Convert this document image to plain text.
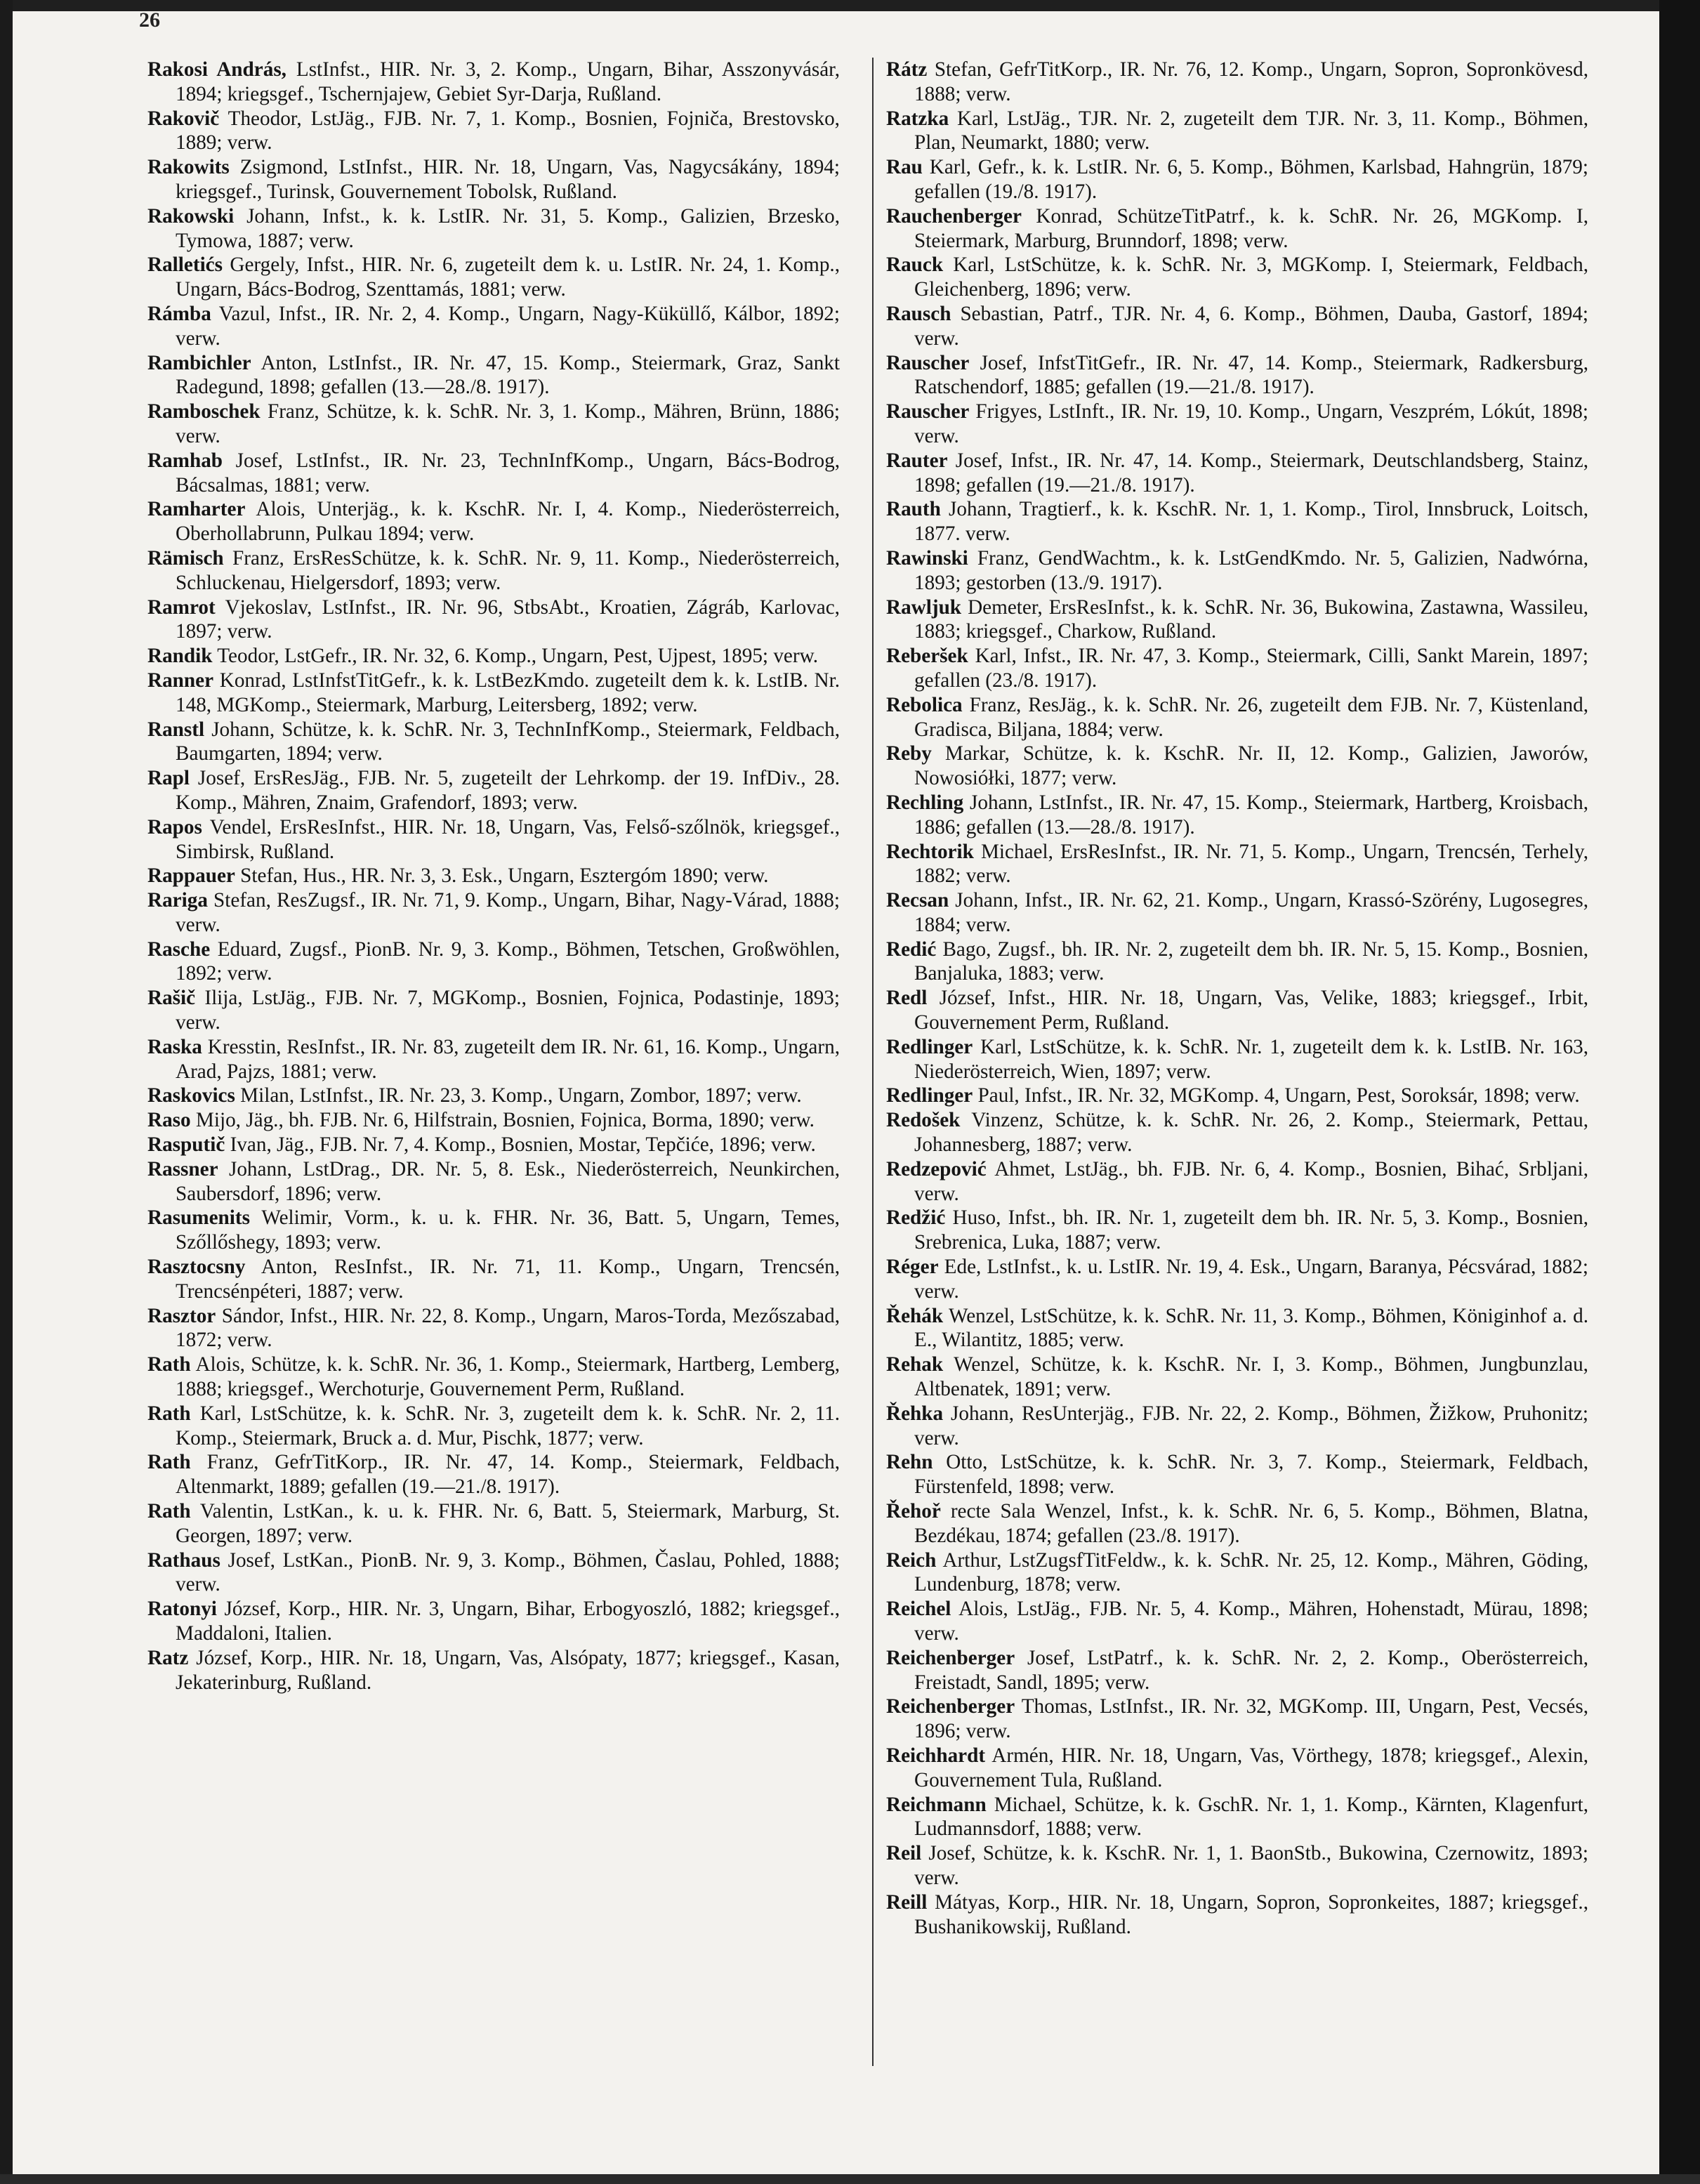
26

Rakosi András, LstInfst., HIR. Nr. 3, 2. Komp., Ungarn, Bihar, Asszonyvásár, 1894; kriegsgef., Tschernjajew, Gebiet Syr-Darja, Rußland.

Rakovič Theodor, LstJäg., FJB. Nr. 7, 1. Komp., Bosnien, Fojniča, Brestovsko, 1889; verw.

Rakowits Zsigmond, LstInfst., HIR. Nr. 18, Ungarn, Vas, Nagycsákány, 1894; kriegsgef., Turinsk, Gouvernement Tobolsk, Rußland.

Rakowski Johann, Infst., k. k. LstIR. Nr. 31, 5. Komp., Galizien, Brzesko, Tymowa, 1887; verw.

Ralletićs Gergely, Infst., HIR. Nr. 6, zugeteilt dem k. u. LstIR. Nr. 24, 1. Komp., Ungarn, Bács-Bodrog, Szenttamás, 1881; verw.

Rámba Vazul, Infst., IR. Nr. 2, 4. Komp., Ungarn, Nagy-Küküllő, Kálbor, 1892; verw.

Rambichler Anton, LstInfst., IR. Nr. 47, 15. Komp., Steiermark, Graz, Sankt Radegund, 1898; gefallen (13.—28./8. 1917).

Ramboschek Franz, Schütze, k. k. SchR. Nr. 3, 1. Komp., Mähren, Brünn, 1886; verw.

Ramhab Josef, LstInfst., IR. Nr. 23, TechnInfKomp., Ungarn, Bács-Bodrog, Bácsalmas, 1881; verw.

Ramharter Alois, Unterjäg., k. k. KschR. Nr. I, 4. Komp., Niederösterreich, Oberhollabrunn, Pulkau 1894; verw.

Rämisch Franz, ErsResSchütze, k. k. SchR. Nr. 9, 11. Komp., Niederösterreich, Schluckenau, Hielgersdorf, 1893; verw.

Ramrot Vjekoslav, LstInfst., IR. Nr. 96, StbsAbt., Kroatien, Zágráb, Karlovac, 1897; verw.

Randik Teodor, LstGefr., IR. Nr. 32, 6. Komp., Ungarn, Pest, Ujpest, 1895; verw.

Ranner Konrad, LstInfstTitGefr., k. k. LstBezKmdo. zugeteilt dem k. k. LstIB. Nr. 148, MGKomp., Steiermark, Marburg, Leitersberg, 1892; verw.

Ranstl Johann, Schütze, k. k. SchR. Nr. 3, TechnInfKomp., Steiermark, Feldbach, Baumgarten, 1894; verw.

Rapl Josef, ErsResJäg., FJB. Nr. 5, zugeteilt der Lehrkomp. der 19. InfDiv., 28. Komp., Mähren, Znaim, Grafendorf, 1893; verw.

Rapos Vendel, ErsResInfst., HIR. Nr. 18, Ungarn, Vas, Felső-szőlnök, kriegsgef., Simbirsk, Rußland.

Rappauer Stefan, Hus., HR. Nr. 3, 3. Esk., Ungarn, Esztergóm 1890; verw.

Rariga Stefan, ResZugsf., IR. Nr. 71, 9. Komp., Ungarn, Bihar, Nagy-Várad, 1888; verw.

Rasche Eduard, Zugsf., PionB. Nr. 9, 3. Komp., Böhmen, Tetschen, Großwöhlen, 1892; verw.

Rašič Ilija, LstJäg., FJB. Nr. 7, MGKomp., Bosnien, Fojnica, Podastinje, 1893; verw.

Raska Kresstin, ResInfst., IR. Nr. 83, zugeteilt dem IR. Nr. 61, 16. Komp., Ungarn, Arad, Pajzs, 1881; verw.

Raskovics Milan, LstInfst., IR. Nr. 23, 3. Komp., Ungarn, Zombor, 1897; verw.

Raso Mijo, Jäg., bh. FJB. Nr. 6, Hilfstrain, Bosnien, Fojnica, Borma, 1890; verw.

Rasputič Ivan, Jäg., FJB. Nr. 7, 4. Komp., Bosnien, Mostar, Tepčiće, 1896; verw.

Rassner Johann, LstDrag., DR. Nr. 5, 8. Esk., Niederösterreich, Neunkirchen, Saubersdorf, 1896; verw.

Rasumenits Welimir, Vorm., k. u. k. FHR. Nr. 36, Batt. 5, Ungarn, Temes, Szőllőshegy, 1893; verw.

Rasztocsny Anton, ResInfst., IR. Nr. 71, 11. Komp., Ungarn, Trencsén, Trencsénpéteri, 1887; verw.

Rasztor Sándor, Infst., HIR. Nr. 22, 8. Komp., Ungarn, Maros-Torda, Mezőszabad, 1872; verw.

Rath Alois, Schütze, k. k. SchR. Nr. 36, 1. Komp., Steiermark, Hartberg, Lemberg, 1888; kriegsgef., Werchoturje, Gouvernement Perm, Rußland.

Rath Karl, LstSchütze, k. k. SchR. Nr. 3, zugeteilt dem k. k. SchR. Nr. 2, 11. Komp., Steiermark, Bruck a. d. Mur, Pischk, 1877; verw.

Rath Franz, GefrTitKorp., IR. Nr. 47, 14. Komp., Steiermark, Feldbach, Altenmarkt, 1889; gefallen (19.—21./8. 1917).

Rath Valentin, LstKan., k. u. k. FHR. Nr. 6, Batt. 5, Steiermark, Marburg, St. Georgen, 1897; verw.

Rathaus Josef, LstKan., PionB. Nr. 9, 3. Komp., Böhmen, Časlau, Pohled, 1888; verw.

Ratonyi József, Korp., HIR. Nr. 3, Ungarn, Bihar, Erbogyoszló, 1882; kriegsgef., Maddaloni, Italien.

Ratz József, Korp., HIR. Nr. 18, Ungarn, Vas, Alsópaty, 1877; kriegsgef., Kasan, Jekaterinburg, Rußland.

Rátz Stefan, GefrTitKorp., IR. Nr. 76, 12. Komp., Ungarn, Sopron, Sopronkövesd, 1888; verw.

Ratzka Karl, LstJäg., TJR. Nr. 2, zugeteilt dem TJR. Nr. 3, 11. Komp., Böhmen, Plan, Neumarkt, 1880; verw.

Rau Karl, Gefr., k. k. LstIR. Nr. 6, 5. Komp., Böhmen, Karlsbad, Hahngrün, 1879; gefallen (19./8. 1917).

Rauchenberger Konrad, SchützeTitPatrf., k. k. SchR. Nr. 26, MGKomp. I, Steiermark, Marburg, Brunndorf, 1898; verw.

Rauck Karl, LstSchütze, k. k. SchR. Nr. 3, MGKomp. I, Steiermark, Feldbach, Gleichenberg, 1896; verw.

Rausch Sebastian, Patrf., TJR. Nr. 4, 6. Komp., Böhmen, Dauba, Gastorf, 1894; verw.

Rauscher Josef, InfstTitGefr., IR. Nr. 47, 14. Komp., Steiermark, Radkersburg, Ratschendorf, 1885; gefallen (19.—21./8. 1917).

Rauscher Frigyes, LstInft., IR. Nr. 19, 10. Komp., Ungarn, Veszprém, Lókút, 1898; verw.

Rauter Josef, Infst., IR. Nr. 47, 14. Komp., Steiermark, Deutschlandsberg, Stainz, 1898; gefallen (19.—21./8. 1917).

Rauth Johann, Tragtierf., k. k. KschR. Nr. 1, 1. Komp., Tirol, Innsbruck, Loitsch, 1877. verw.

Rawinski Franz, GendWachtm., k. k. LstGendKmdo. Nr. 5, Galizien, Nadwórna, 1893; gestorben (13./9. 1917).

Rawljuk Demeter, ErsResInfst., k. k. SchR. Nr. 36, Bukowina, Zastawna, Wassileu, 1883; kriegsgef., Charkow, Rußland.

Reberšek Karl, Infst., IR. Nr. 47, 3. Komp., Steiermark, Cilli, Sankt Marein, 1897; gefallen (23./8. 1917).

Rebolica Franz, ResJäg., k. k. SchR. Nr. 26, zugeteilt dem FJB. Nr. 7, Küstenland, Gradisca, Biljana, 1884; verw.

Reby Markar, Schütze, k. k. KschR. Nr. II, 12. Komp., Galizien, Jaworów, Nowosiółki, 1877; verw.

Rechling Johann, LstInfst., IR. Nr. 47, 15. Komp., Steiermark, Hartberg, Kroisbach, 1886; gefallen (13.—28./8. 1917).

Rechtorik Michael, ErsResInfst., IR. Nr. 71, 5. Komp., Ungarn, Trencsén, Terhely, 1882; verw.

Recsan Johann, Infst., IR. Nr. 62, 21. Komp., Ungarn, Krassó-Szörény, Lugosegres, 1884; verw.

Redić Bago, Zugsf., bh. IR. Nr. 2, zugeteilt dem bh. IR. Nr. 5, 15. Komp., Bosnien, Banjaluka, 1883; verw.

Redl József, Infst., HIR. Nr. 18, Ungarn, Vas, Velike, 1883; kriegsgef., Irbit, Gouvernement Perm, Rußland.

Redlinger Karl, LstSchütze, k. k. SchR. Nr. 1, zugeteilt dem k. k. LstIB. Nr. 163, Niederösterreich, Wien, 1897; verw.

Redlinger Paul, Infst., IR. Nr. 32, MGKomp. 4, Ungarn, Pest, Soroksár, 1898; verw.

Redošek Vinzenz, Schütze, k. k. SchR. Nr. 26, 2. Komp., Steiermark, Pettau, Johannesberg, 1887; verw.

Redzepović Ahmet, LstJäg., bh. FJB. Nr. 6, 4. Komp., Bosnien, Bihać, Srbljani, verw.

Redžić Huso, Infst., bh. IR. Nr. 1, zugeteilt dem bh. IR. Nr. 5, 3. Komp., Bosnien, Srebrenica, Luka, 1887; verw.

Réger Ede, LstInfst., k. u. LstIR. Nr. 19, 4. Esk., Ungarn, Baranya, Pécsvárad, 1882; verw.

Řehák Wenzel, LstSchütze, k. k. SchR. Nr. 11, 3. Komp., Böhmen, Königinhof a. d. E., Wilantitz, 1885; verw.

Rehak Wenzel, Schütze, k. k. KschR. Nr. I, 3. Komp., Böhmen, Jungbunzlau, Altbenatek, 1891; verw.

Řehka Johann, ResUnterjäg., FJB. Nr. 22, 2. Komp., Böhmen, Žižkow, Pruhonitz; verw.

Rehn Otto, LstSchütze, k. k. SchR. Nr. 3, 7. Komp., Steiermark, Feldbach, Fürstenfeld, 1898; verw.

Řehoř recte Sala Wenzel, Infst., k. k. SchR. Nr. 6, 5. Komp., Böhmen, Blatna, Bezdékau, 1874; gefallen (23./8. 1917).

Reich Arthur, LstZugsfTitFeldw., k. k. SchR. Nr. 25, 12. Komp., Mähren, Göding, Lundenburg, 1878; verw.

Reichel Alois, LstJäg., FJB. Nr. 5, 4. Komp., Mähren, Hohenstadt, Mürau, 1898; verw.

Reichenberger Josef, LstPatrf., k. k. SchR. Nr. 2, 2. Komp., Oberösterreich, Freistadt, Sandl, 1895; verw.

Reichenberger Thomas, LstInfst., IR. Nr. 32, MGKomp. III, Ungarn, Pest, Vecsés, 1896; verw.

Reichhardt Armén, HIR. Nr. 18, Ungarn, Vas, Vörthegy, 1878; kriegsgef., Alexin, Gouvernement Tula, Rußland.

Reichmann Michael, Schütze, k. k. GschR. Nr. 1, 1. Komp., Kärnten, Klagenfurt, Ludmannsdorf, 1888; verw.

Reil Josef, Schütze, k. k. KschR. Nr. 1, 1. BaonStb., Bukowina, Czernowitz, 1893; verw.

Reill Mátyas, Korp., HIR. Nr. 18, Ungarn, Sopron, Sopronkeites, 1887; kriegsgef., Bushanikowskij, Rußland.
